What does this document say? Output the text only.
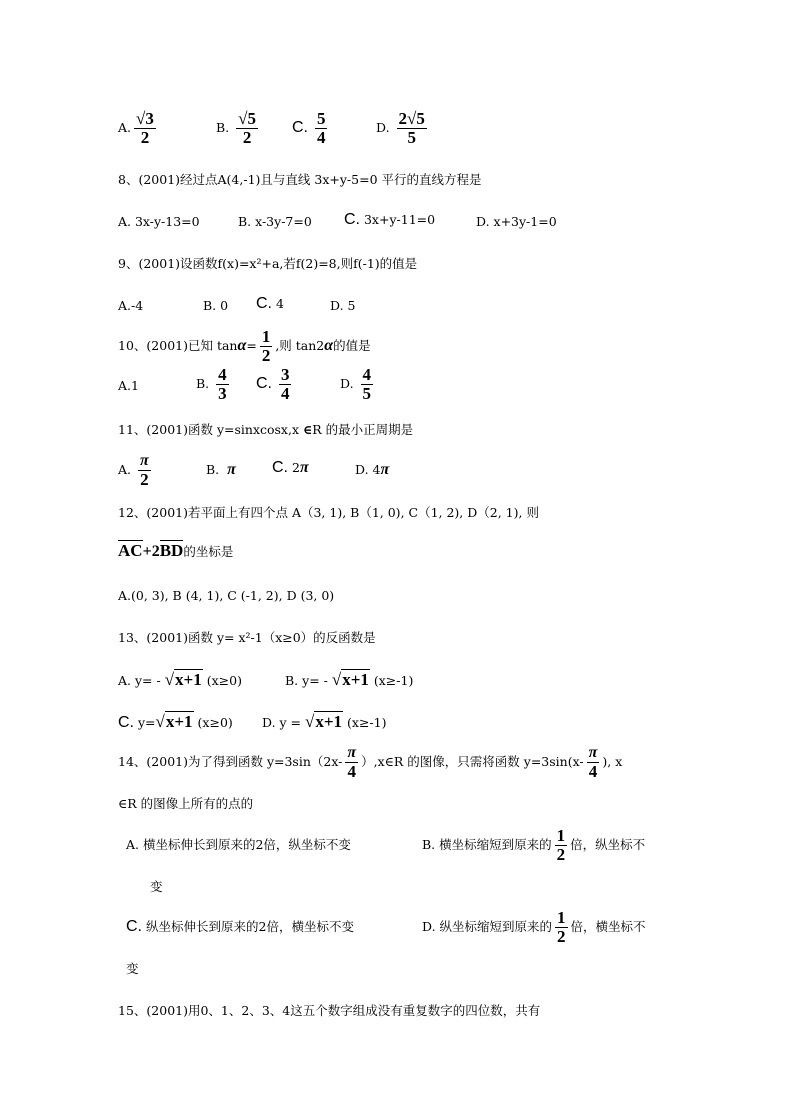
A. $\frac{√3}{2}$	B. $\frac{√5}{2} C$. $\frac{5}{4}$	D. $\frac{2√5}{5}$
8、(2001)经过点A(4,-1)且与直线 3x+y-5=0 平行的直线方程是
A. 3x-y-13=0	B. x-3y-7=0 C. 3x+y-11=0	D. x+3y-1=0
9、(2001)设函数f(x)=x²+a,若f(2)=8,则f(-1)的值是
A.-4	B. 0 C. 4	D. 5
10、(2001)已知 $\tan\alpha= \frac{1}{2}$ ,则 tan2α的值是
A.1	B. $\frac{4}{3} C$. $\frac{3}{4}$	D. $\frac{4}{5}$
11、(2001)函数 y=sinxcosx,x ∈R 的最小正周期是
A. $\frac{\pi}{2}$	B. π C. 2π	D. 4π
12、(2001)若平面上有四个点 A（3, 1), B（1, 0), C（1, 2), D（2, 1), 则
AC+2BD的坐标是
A.(0, 3), B (4, 1), C (-1, 2), D (3, 0)
13、(2001)函数 y= x²-1（x≥0）的反函数是
A. y= - √x+1 (x≥0)	B. y= - √x+1 (x≥-1)
C. y=√x+1 (x≥0) D. y = √x+1 (x≥-1)
14、(2001)为了得到函数 $y=3\sin(2x- \frac{\pi}{4}$ ）,x∈R 的图像，只需将函数 $y=3\sin(x- \frac{\pi}{4}$ ), x
∈R 的图像上所有的点的
A. 横坐标伸长到原来的2倍，纵坐标不变	B. 横坐标缩短到原来的 $\frac{1}{2}$ 倍，纵坐标不
变
C. 纵坐标伸长到原来的2倍，横坐标不变	D. 纵坐标缩短到原来的 $\frac{1}{2}$ 倍，横坐标不
变
15、(2001)用0、1、2、3、4这五个数字组成没有重复数字的四位数，共有
